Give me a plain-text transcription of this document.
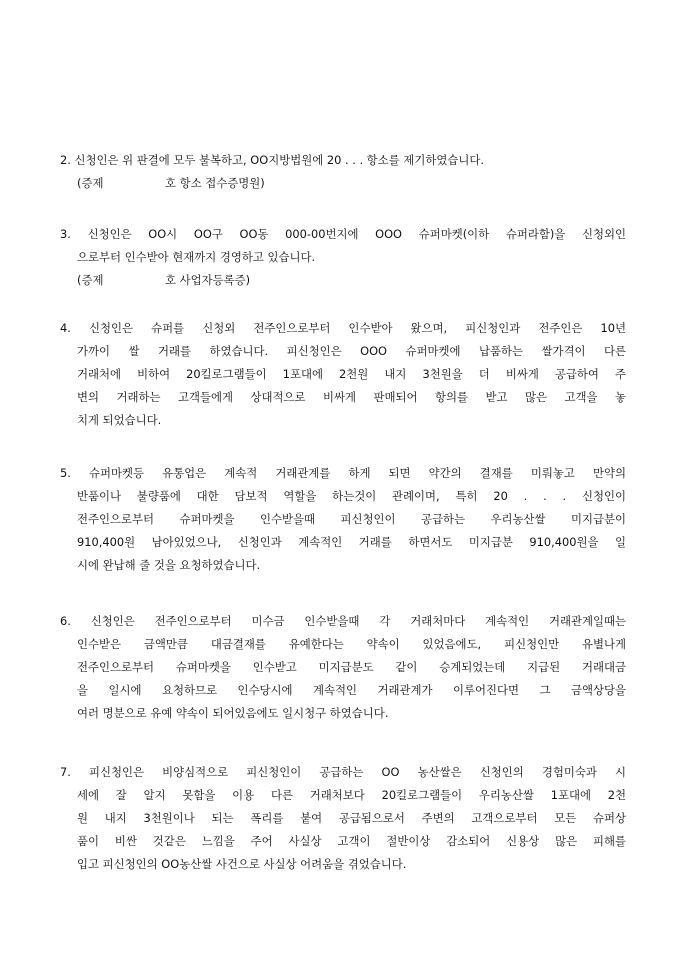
2. 신청인은 위 판결에 모두 불복하고, OO지방법원에 20 . . . 항소를 제기하였습니다.
(증제                 호 항소 접수증명원)
3. 신청인은 OO시 OO구 OO동 000-00번지에 OOO 슈퍼마켓(이하 슈퍼라함)을 신청외인
으로부터 인수받아 현재까지 경영하고 있습니다.
(증제                 호 사업자등록증)
4. 신청인은 슈퍼를 신청외 전주인으로부터 인수받아 왔으며, 피신청인과 전주인은 10년
가까이 쌀 거래를 하였습니다. 피신청인은 OOO 슈퍼마켓에 납품하는 쌀가격이 다른
거래처에 비하여 20킬로그램들이 1포대에 2천원 내지 3천원을 더 비싸게 공급하여 주
변의 거래하는 고객들에게 상대적으로 비싸게 판매되어 항의를 받고 많은 고객을 놓
치게 되었습니다.
5. 슈퍼마켓등 유통업은 계속적 거래관계를 하게 되면 약간의 결재를 미뤄놓고 만약의
반품이나 불량품에 대한 담보적 역할을 하는것이 관례이며, 특히 20 . . . 신청인이
전주인으로부터 슈퍼마켓을 인수받을때 피신청인이 공급하는 우리농산쌀 미지급분이
910,400원 남아있었으나, 신청인과 계속적인 거래를 하면서도 미지급분 910,400원을 일
시에 완납해 줄 것을 요청하였습니다.
6. 신청인은 전주인으로부터 미수금 인수받을때 각 거래처마다 계속적인 거래관계일때는
인수받은 금액만큼 대금결재를 유예한다는 약속이 있었음에도, 피신청인만 유별나게
전주인으로부터 슈퍼마켓을 인수받고 미지급분도 같이 승계되었는데 지급된 거래대금
을 일시에 요청하므로 인수당시에 계속적인 거래관계가 이루어진다면 그 금액상당을
여러 명분으로 유예 약속이 되어있음에도 일시청구 하였습니다.
7. 피신청인은 비양심적으로 피신청인이 공급하는 OO 농산쌀은 신청인의 경험미숙과 시
세에 잘 알지 못함을 이용 다른 거래처보다 20킬로그램들이 우리농산쌀 1포대에 2천
원 내지 3천원이나 되는 폭리를 붙여 공급됨으로서 주변의 고객으로부터 모든 슈퍼상
품이 비싼 것같은 느낌을 주어 사실상 고객이 절반이상 감소되어 신용상 많은 피해를
입고 피신청인의 OO농산쌀 사건으로 사실상 어려움을 겪었습니다.
